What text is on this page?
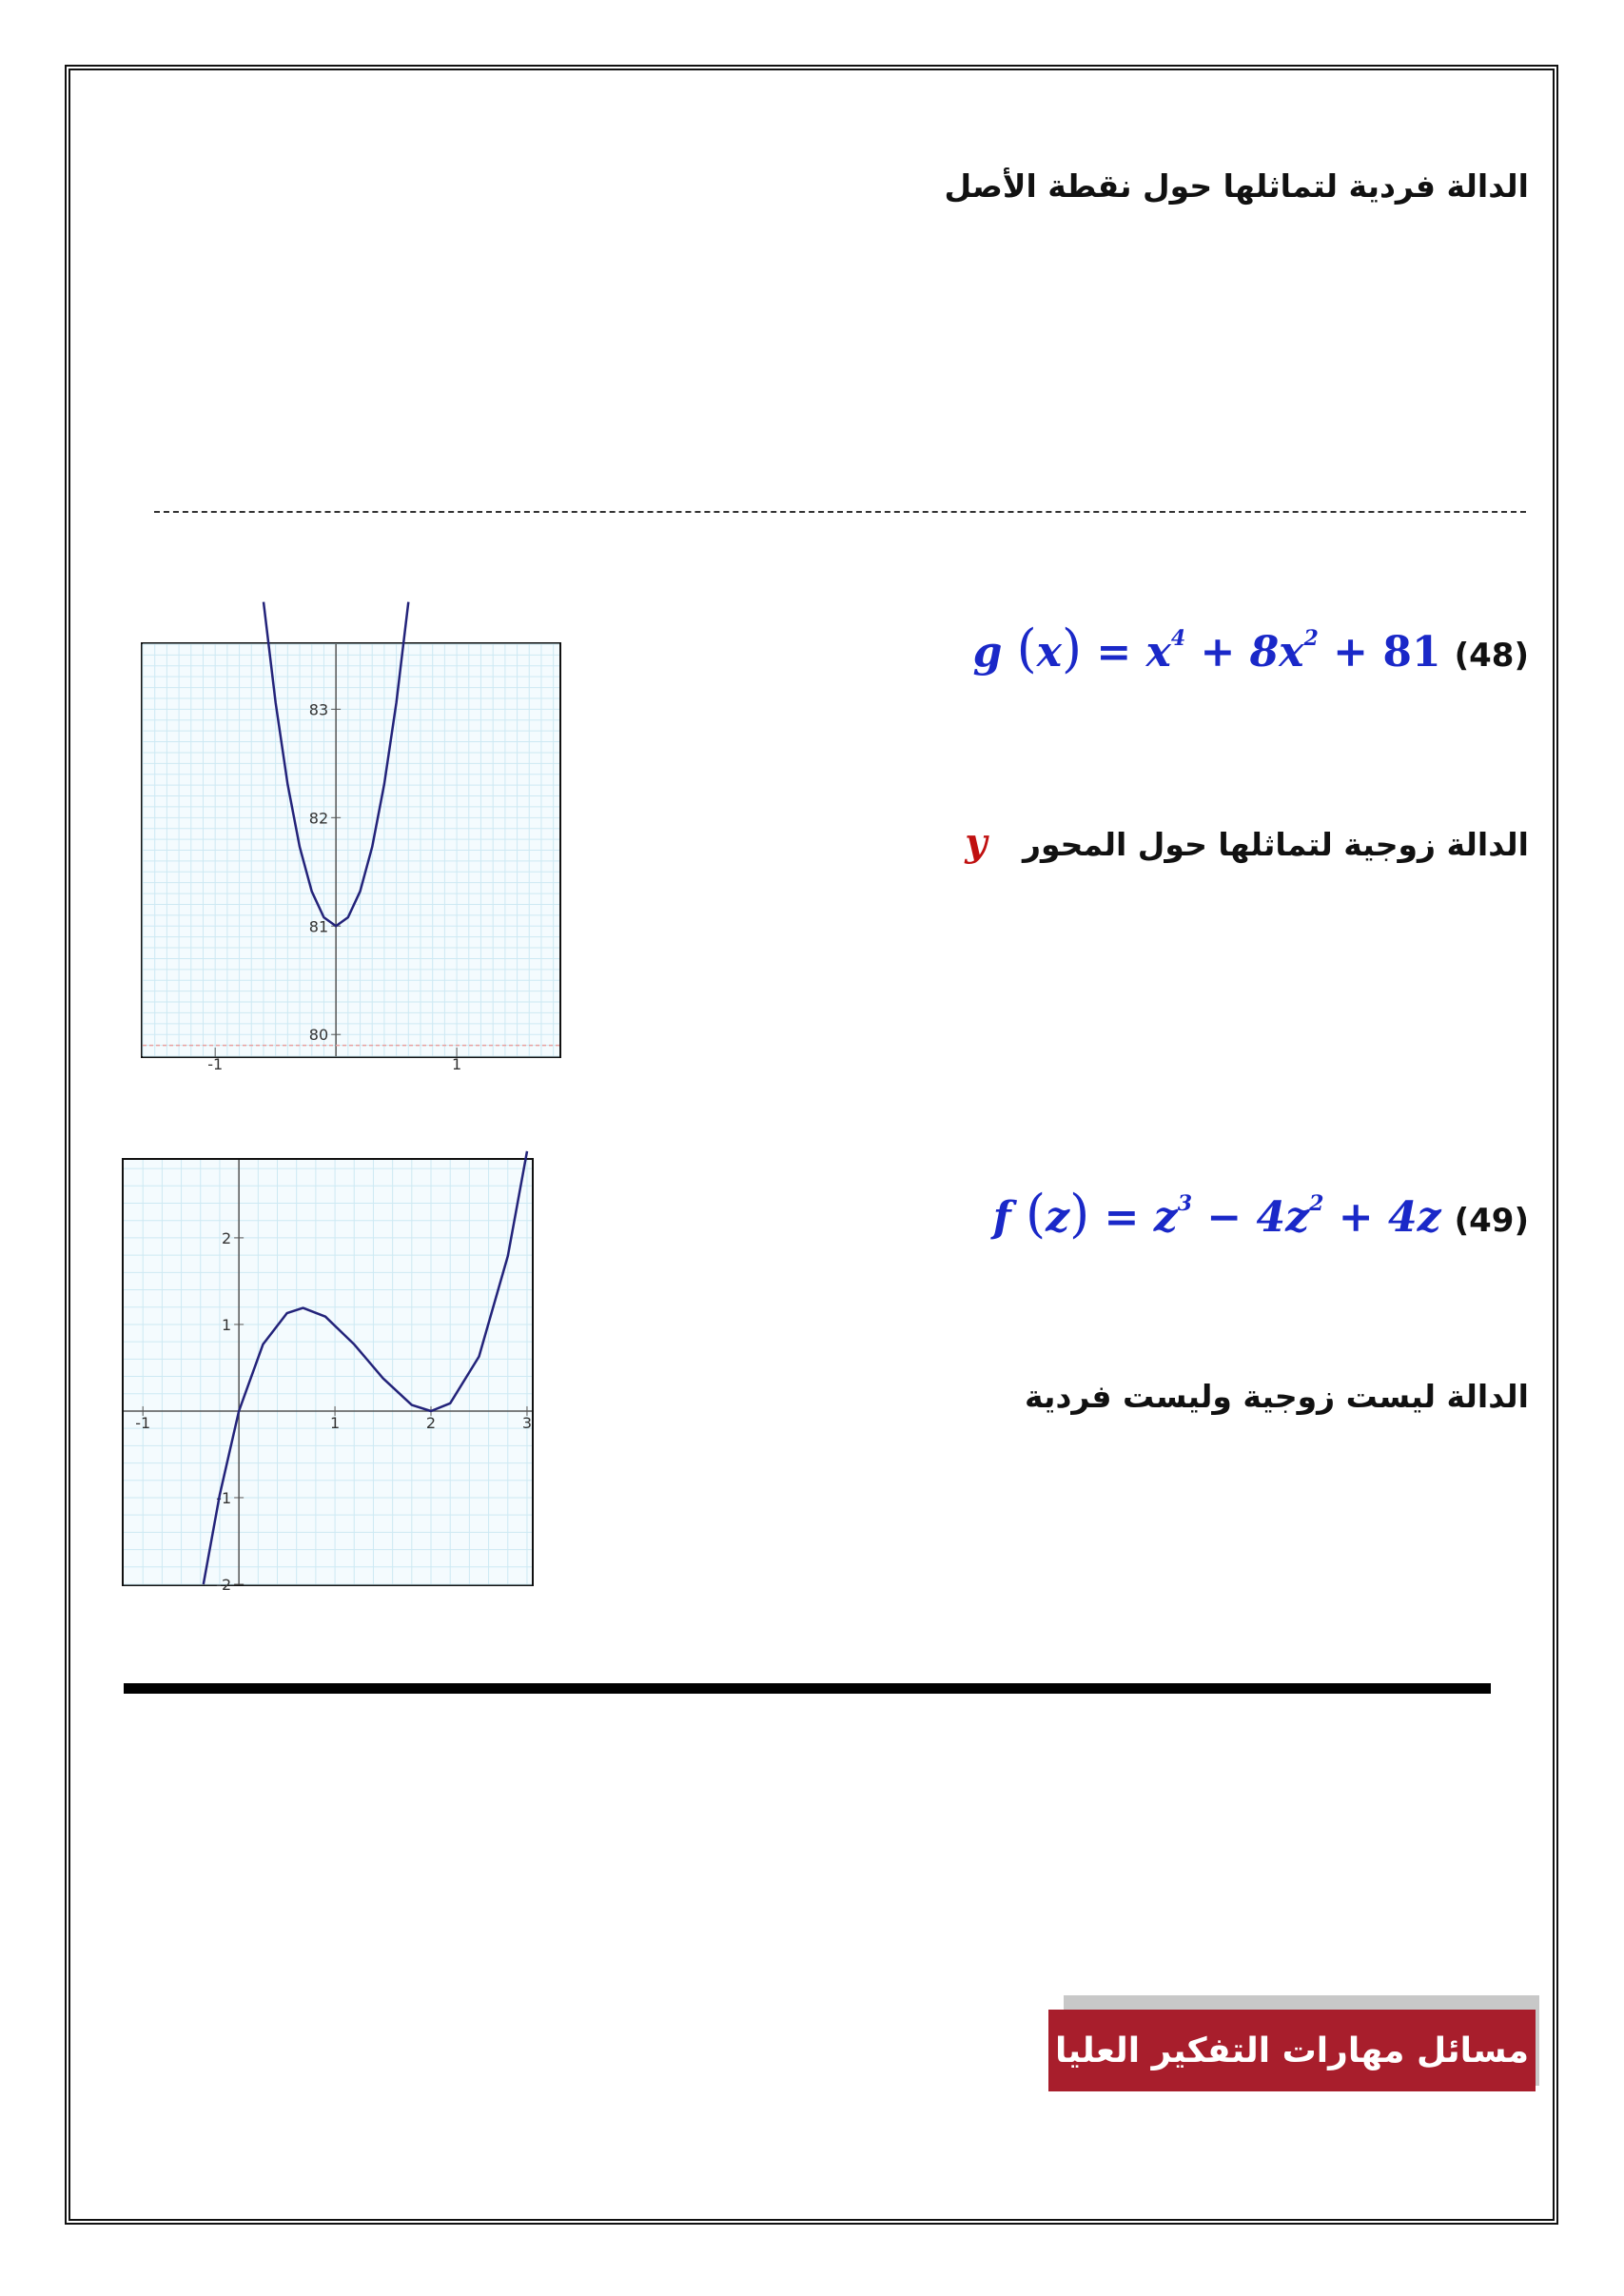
الدالة فردية لتماثلها حول نقطة الأصل
g $(x) = x^4 + 8x^2 + 81$ (48)
الدالة زوجية لتماثلها حول المحور y
-1	1
80
81
82
83
f $(z) = z^3 - 4z^2 + 4z$ (49)
الدالة ليست زوجية وليست فردية
-1	1	2	3
2
1
-1
-2
مسائل مهارات التفكير العليا
